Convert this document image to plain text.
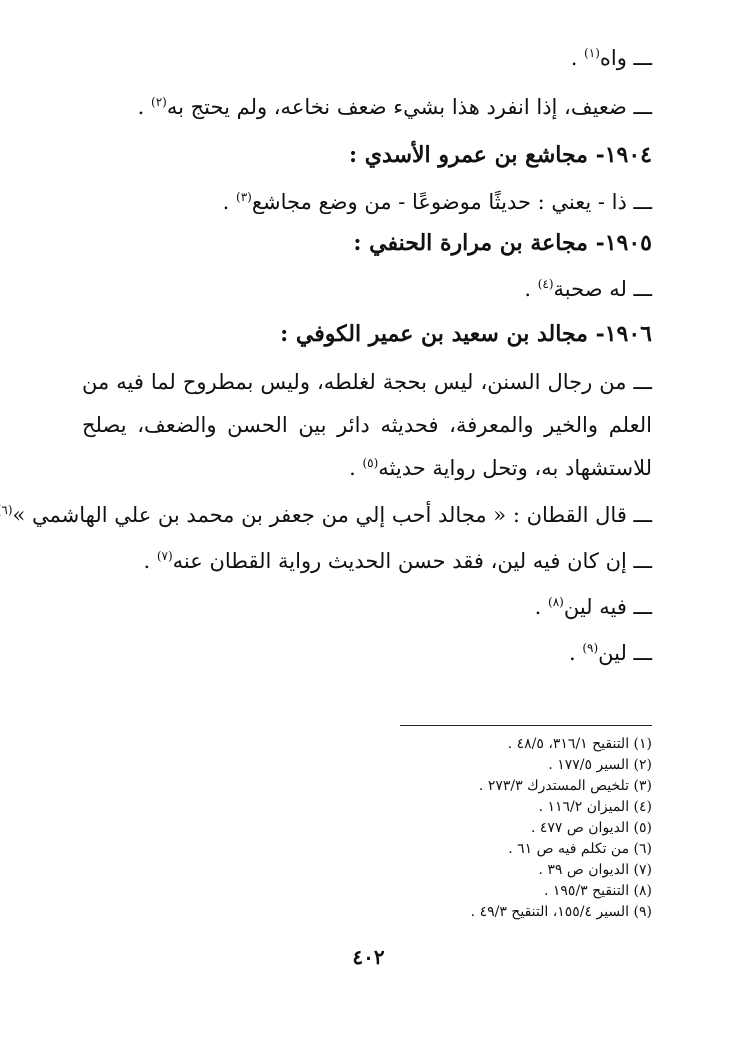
ـــ واه$^{(١)}$ .
ـــ ضعيف، إذا انفرد هذا بشيء ضعف نخاعه، ولم يحتج به$^{(٢)}$ .
١٩٠٤- مجاشع بن عمرو الأسدي :
ـــ ذا - يعني : حديثًا موضوعًا - من وضع مجاشع$^{(٣)}$ .
١٩٠٥- مجاعة بن مرارة الحنفي :
ـــ له صحبة$^{(٤)}$ .
١٩٠٦- مجالد بن سعيد بن عمير الكوفي :
ـــ من رجال السنن، ليس بحجة لغلطه، وليس بمطروح لما فيه من
العلم والخير والمعرفة، فحديثه دائر بين الحسن والضعف، يصلح
للاستشهاد به، وتحل رواية حديثه$^{(٥)}$ .
ـــ قال القطان : « مجالد أحب إلي من جعفر بن محمد بن علي الهاشمي »$^{(٦}$
ـــ إن كان فيه لين، فقد حسن الحديث رواية القطان عنه$^{(٧)}$ .
ـــ فيه لين$^{(٨)}$ .
ـــ لين$^{(٩)}$ .
(١) التنقيح ٣١٦/١، ٤٨/٥ .
(٢) السير ١٧٧/٥ .
(٣) تلخيص المستدرك ٢٧٣/٣ .
(٤) الميزان ١١٦/٢ .
(٥) الديوان ص ٤٧٧ .
(٦) من تكلم فيه ص ٦١ .
(٧) الديوان ص ٣٩ .
(٨) التنقيح ١٩٥/٣ .
(٩) السير ١٥٥/٤، التنقيح ٤٩/٣ .
٤٠٢
